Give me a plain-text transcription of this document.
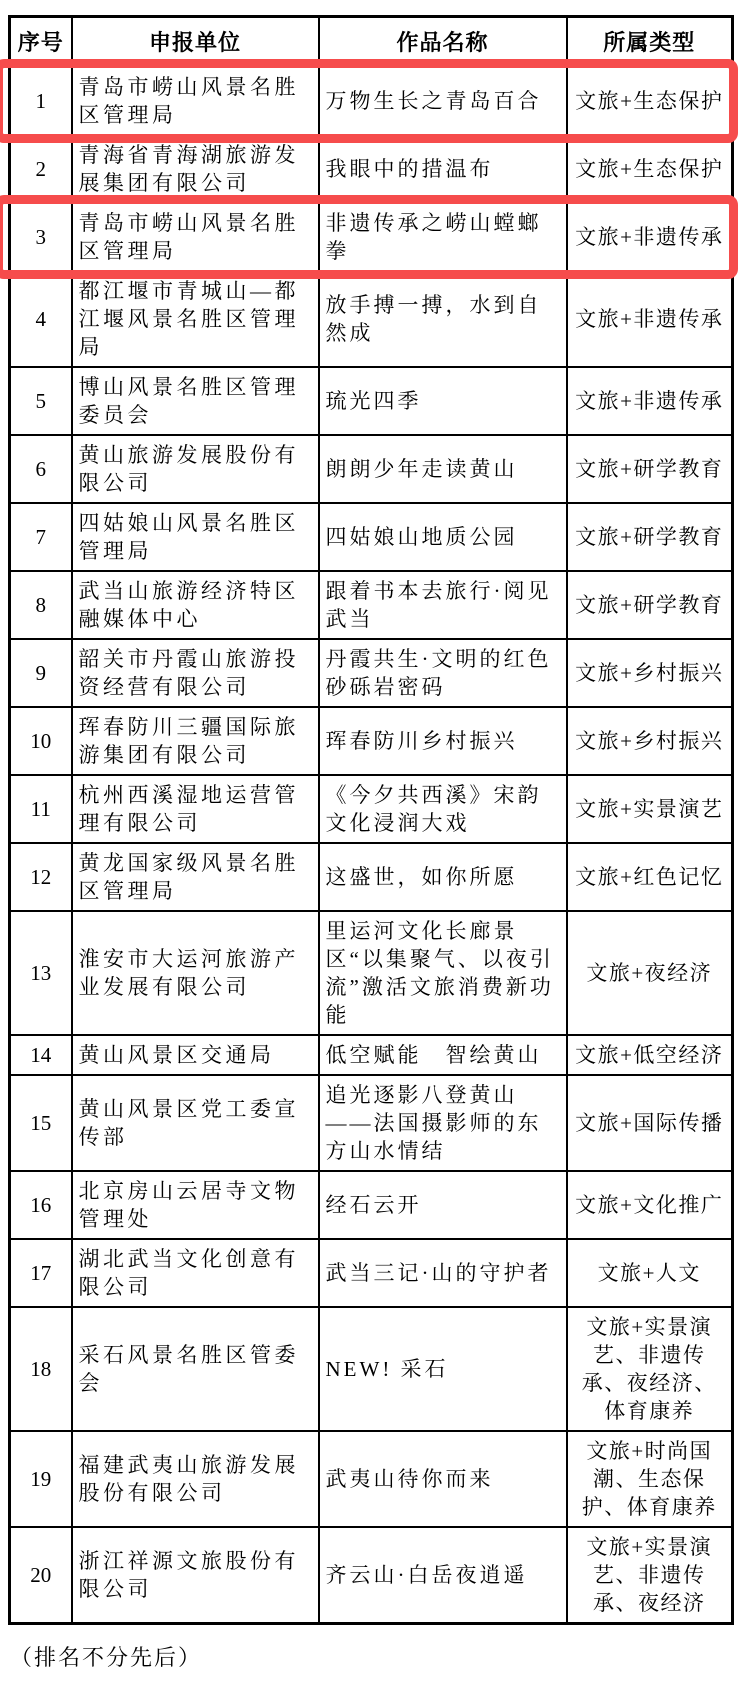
序号	申报单位	作品名称	所属类型
1	青岛市崂山风景名胜区管理局	万物生长之青岛百合	文旅+生态保护
2	青海省青海湖旅游发展集团有限公司	我眼中的措温布	文旅+生态保护
3	青岛市崂山风景名胜区管理局	非遗传承之崂山螳螂拳	文旅+非遗传承
4	都江堰市青城山—都江堰风景名胜区管理局	放手搏一搏，水到自然成	文旅+非遗传承
5	博山风景名胜区管理委员会	琉光四季	文旅+非遗传承
6	黄山旅游发展股份有限公司	朗朗少年走读黄山	文旅+研学教育
7	四姑娘山风景名胜区管理局	四姑娘山地质公园	文旅+研学教育
8	武当山旅游经济特区融媒体中心	跟着书本去旅行·阅见武当	文旅+研学教育
9	韶关市丹霞山旅游投资经营有限公司	丹霞共生·文明的红色砂砾岩密码	文旅+乡村振兴
10	珲春防川三疆国际旅游集团有限公司	珲春防川乡村振兴	文旅+乡村振兴
11	杭州西溪湿地运营管理有限公司	《今夕共西溪》宋韵文化浸润大戏	文旅+实景演艺
12	黄龙国家级风景名胜区管理局	这盛世，如你所愿	文旅+红色记忆
13	淮安市大运河旅游产业发展有限公司	里运河文化长廊景区“以集聚气、以夜引流”激活文旅消费新功能	文旅+夜经济
14	黄山风景区交通局	低空赋能　智绘黄山	文旅+低空经济
15	黄山风景区党工委宣传部	追光逐影八登黄山——法国摄影师的东方山水情结	文旅+国际传播
16	北京房山云居寺文物管理处	经石云开	文旅+文化推广
17	湖北武当文化创意有限公司	武当三记·山的守护者	文旅+人文
18	采石风景名胜区管委会	NEW! 采石	文旅+实景演艺、非遗传承、夜经济、体育康养
19	福建武夷山旅游发展股份有限公司	武夷山待你而来	文旅+时尚国潮、生态保护、体育康养
20	浙江祥源文旅股份有限公司	齐云山·白岳夜逍遥	文旅+实景演艺、非遗传承、夜经济
（排名不分先后）
